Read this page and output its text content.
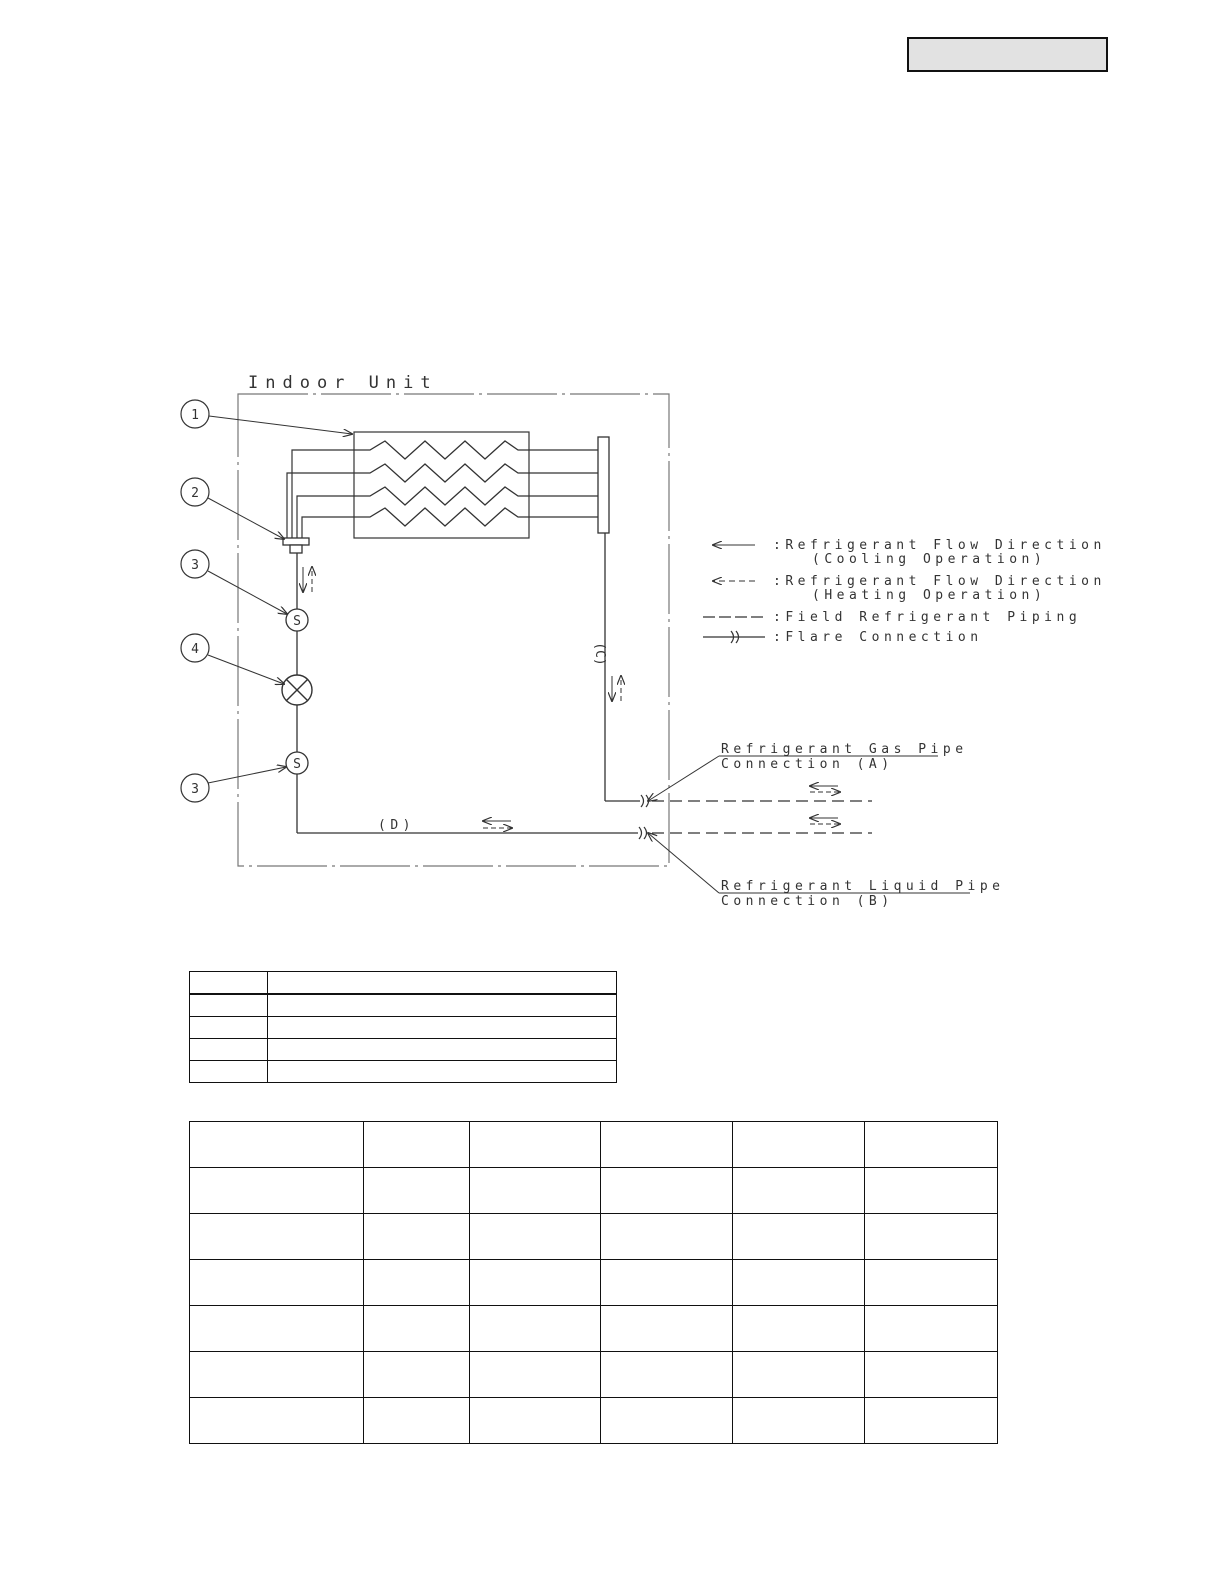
Indoor Unit
S
S
1
2
3
4
3
(C)
(D)
Refrigerant Gas Pipe
Connection (A)
Refrigerant Liquid Pipe
Connection (B)
:Refrigerant Flow Direction
(Cooling Operation)
:Refrigerant Flow Direction
(Heating Operation)
:Field Refrigerant Piping
:Flare Connection
